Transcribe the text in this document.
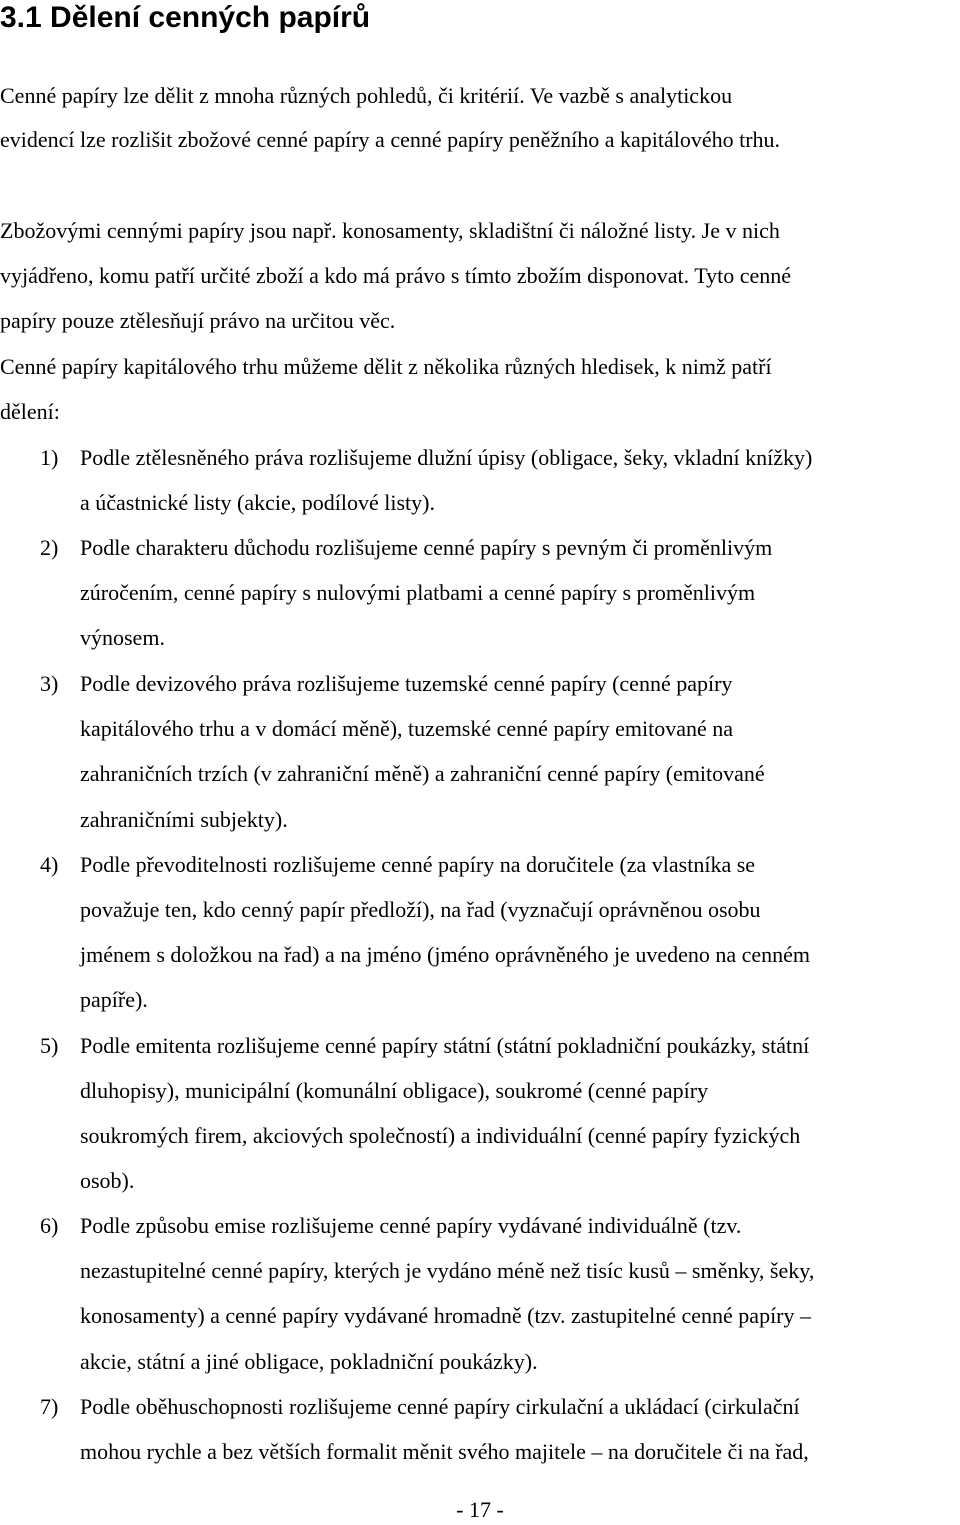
3.1 Dělení cenných papírů
Cenné papíry lze dělit z mnoha různých pohledů, či kritérií. Ve vazbě s analytickou
evidencí lze rozlišit zbožové cenné papíry a cenné papíry peněžního a kapitálového trhu.
Zbožovými cennými papíry jsou např. konosamenty, skladištní či náložné listy. Je v nich
vyjádřeno, komu patří určité zboží a kdo má právo s tímto zbožím disponovat. Tyto cenné
papíry pouze ztělesňují právo na určitou věc.
Cenné papíry kapitálového trhu můžeme dělit z několika různých hledisek, k nimž patří
dělení:
1) Podle ztělesněného práva rozlišujeme dlužní úpisy (obligace, šeky, vkladní knížky)
a účastnické listy (akcie, podílové listy).
2) Podle charakteru důchodu rozlišujeme cenné papíry s pevným či proměnlivým
zúročením, cenné papíry s nulovými platbami a cenné papíry s proměnlivým
výnosem.
3) Podle devizového práva rozlišujeme tuzemské cenné papíry (cenné papíry
kapitálového trhu a v domácí měně), tuzemské cenné papíry emitované na
zahraničních trzích (v zahraniční měně) a zahraniční cenné papíry (emitované
zahraničními subjekty).
4) Podle převoditelnosti rozlišujeme cenné papíry na doručitele (za vlastníka se
považuje ten, kdo cenný papír předloží), na řad (vyznačují oprávněnou osobu
jménem s doložkou na řad) a na jméno (jméno oprávněného je uvedeno na cenném
papíře).
5) Podle emitenta rozlišujeme cenné papíry státní (státní pokladniční poukázky, státní
dluhopisy), municipální (komunální obligace), soukromé (cenné papíry
soukromých firem, akciových společností) a individuální (cenné papíry fyzických
osob).
6) Podle způsobu emise rozlišujeme cenné papíry vydávané individuálně (tzv.
nezastupitelné cenné papíry, kterých je vydáno méně než tisíc kusů – směnky, šeky,
konosamenty) a cenné papíry vydávané hromadně (tzv. zastupitelné cenné papíry –
akcie, státní a jiné obligace, pokladniční poukázky).
7) Podle oběhuschopnosti rozlišujeme cenné papíry cirkulační a ukládací (cirkulační
mohou rychle a bez větších formalit měnit svého majitele – na doručitele či na řad,
- 17 -
